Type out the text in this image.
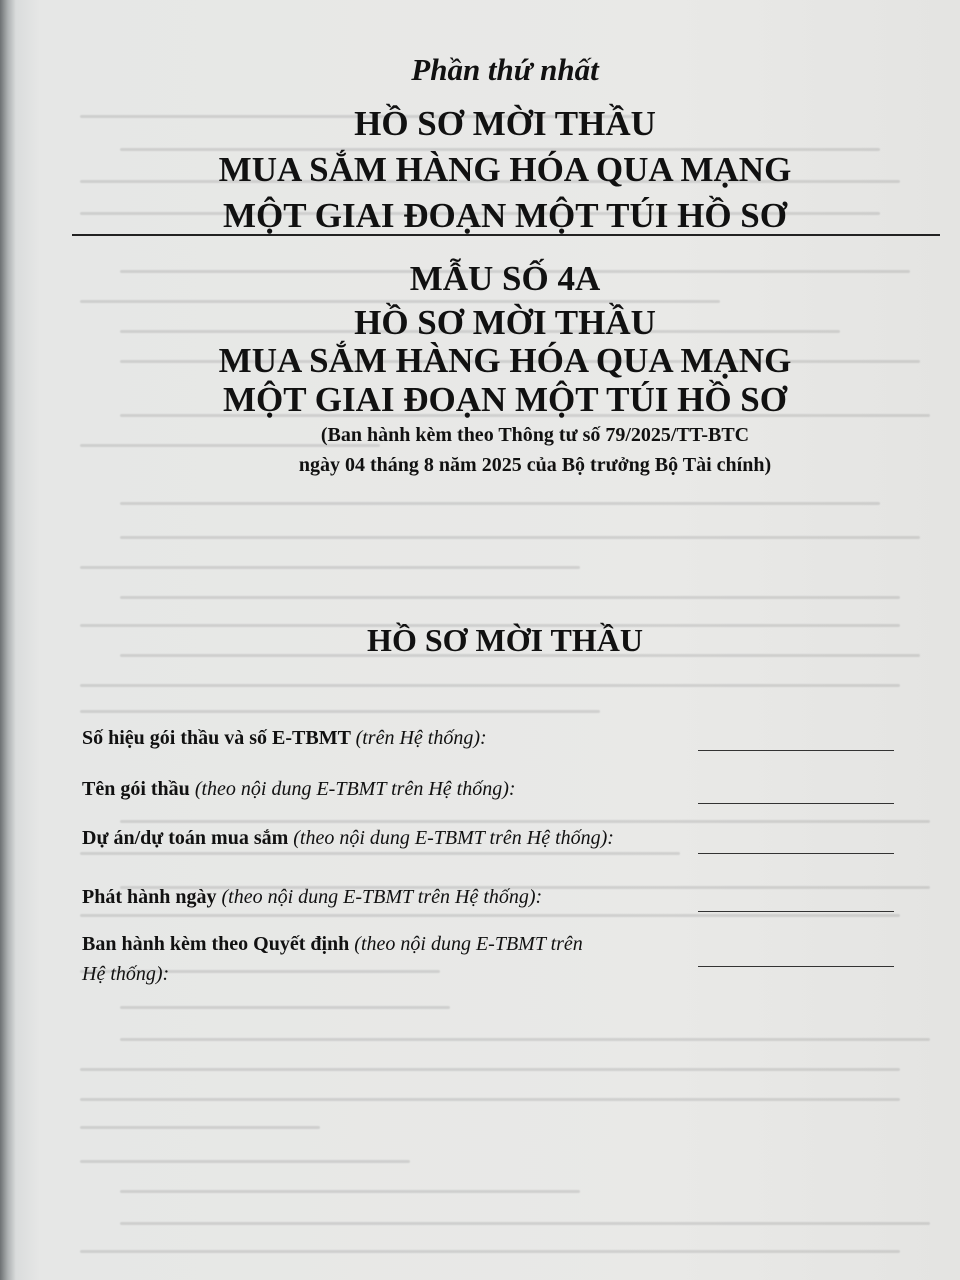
Phần thứ nhất
HỒ SƠ MỜI THẦU
MUA SẮM HÀNG HÓA QUA MẠNG
MỘT GIAI ĐOẠN MỘT TÚI HỒ SƠ
MẪU SỐ 4A
HỒ SƠ MỜI THẦU
MUA SẮM HÀNG HÓA QUA MẠNG
MỘT GIAI ĐOẠN MỘT TÚI HỒ SƠ
(Ban hành kèm theo Thông tư số 79/2025/TT-BTC
ngày 04 tháng 8 năm 2025 của Bộ trưởng Bộ Tài chính)
HỒ SƠ MỜI THẦU
Số hiệu gói thầu và số E-TBMT (trên Hệ thống):
Tên gói thầu (theo nội dung E-TBMT trên Hệ thống):
Dự án/dự toán mua sắm (theo nội dung E-TBMT trên Hệ thống):
Phát hành ngày (theo nội dung E-TBMT trên Hệ thống):
Ban hành kèm theo Quyết định (theo nội dung E-TBMT trên
Hệ thống):
